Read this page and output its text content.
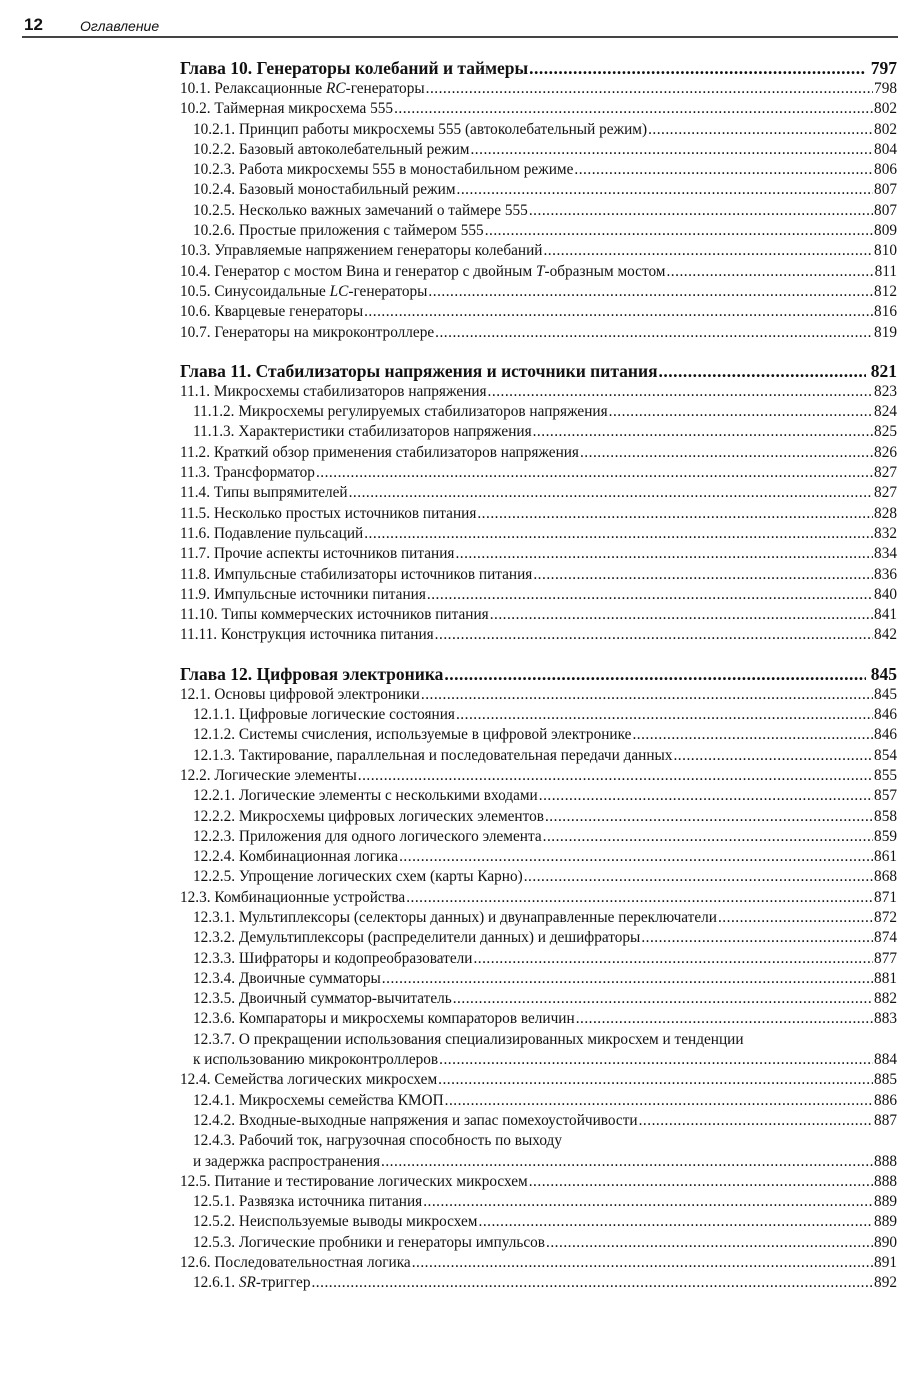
12	Оглавление
Глава 10. Генераторы колебаний и таймеры .....	797
10.1. Релаксационные RC-генераторы .....	798
10.2. Таймерная микросхема 555 .....	802
10.2.1. Принцип работы микросхемы 555 (автоколебательный режим) .....	802
10.2.2. Базовый автоколебательный режим .....	804
10.2.3. Работа микросхемы 555 в моностабильном режиме .....	806
10.2.4. Базовый моностабильный режим .....	807
10.2.5. Несколько важных замечаний о таймере 555 .....	807
10.2.6. Простые приложения с таймером 555 .....	809
10.3. Управляемые напряжением генераторы колебаний .....	810
10.4. Генератор с мостом Вина и генератор с двойным T-образным мостом .....	811
10.5. Синусоидальные LC-генераторы .....	812
10.6. Кварцевые генераторы .....	816
10.7. Генераторы на микроконтроллере .....	819
Глава 11. Стабилизаторы напряжения и источники питания .....	821
11.1. Микросхемы стабилизаторов напряжения .....	823
11.1.2. Микросхемы регулируемых стабилизаторов напряжения .....	824
11.1.3. Характеристики стабилизаторов напряжения .....	825
11.2. Краткий обзор применения стабилизаторов напряжения .....	826
11.3. Трансформатор .....	827
11.4. Типы выпрямителей .....	827
11.5. Несколько простых источников питания .....	828
11.6. Подавление пульсаций .....	832
11.7. Прочие аспекты источников питания .....	834
11.8. Импульсные стабилизаторы источников питания .....	836
11.9. Импульсные источники питания .....	840
11.10. Типы коммерческих источников питания .....	841
11.11. Конструкция источника питания .....	842
Глава 12. Цифровая электроника .....	845
12.1. Основы цифровой электроники .....	845
12.1.1. Цифровые логические состояния .....	846
12.1.2. Системы счисления, используемые в цифровой электронике .....	846
12.1.3. Тактирование, параллельная и последовательная передачи данных .....	854
12.2. Логические элементы .....	855
12.2.1. Логические элементы с несколькими входами .....	857
12.2.2. Микросхемы цифровых логических элементов .....	858
12.2.3. Приложения для одного логического элемента .....	859
12.2.4. Комбинационная логика .....	861
12.2.5. Упрощение логических схем (карты Карно) .....	868
12.3. Комбинационные устройства .....	871
12.3.1. Мультиплексоры (селекторы данных) и двунаправленные переключатели .....	872
12.3.2. Демультиплексоры (распределители данных) и дешифраторы .....	874
12.3.3. Шифраторы и кодопреобразователи .....	877
12.3.4. Двоичные сумматоры .....	881
12.3.5. Двоичный сумматор-вычитатель .....	882
12.3.6. Компараторы и микросхемы компараторов величин .....	883
12.3.7. О прекращении использования специализированных микросхем и тенденции
к использованию микроконтроллеров .....	884
12.4. Семейства логических микросхем .....	885
12.4.1. Микросхемы семейства КМОП .....	886
12.4.2. Входные-выходные напряжения и запас помехоустойчивости .....	887
12.4.3. Рабочий ток, нагрузочная способность по выходу
и задержка распространения .....	888
12.5. Питание и тестирование логических микросхем .....	888
12.5.1. Развязка источника питания .....	889
12.5.2. Неиспользуемые выводы микросхем .....	889
12.5.3. Логические пробники и генераторы импульсов .....	890
12.6. Последовательностная логика .....	891
12.6.1. SR-триггер .....	892
